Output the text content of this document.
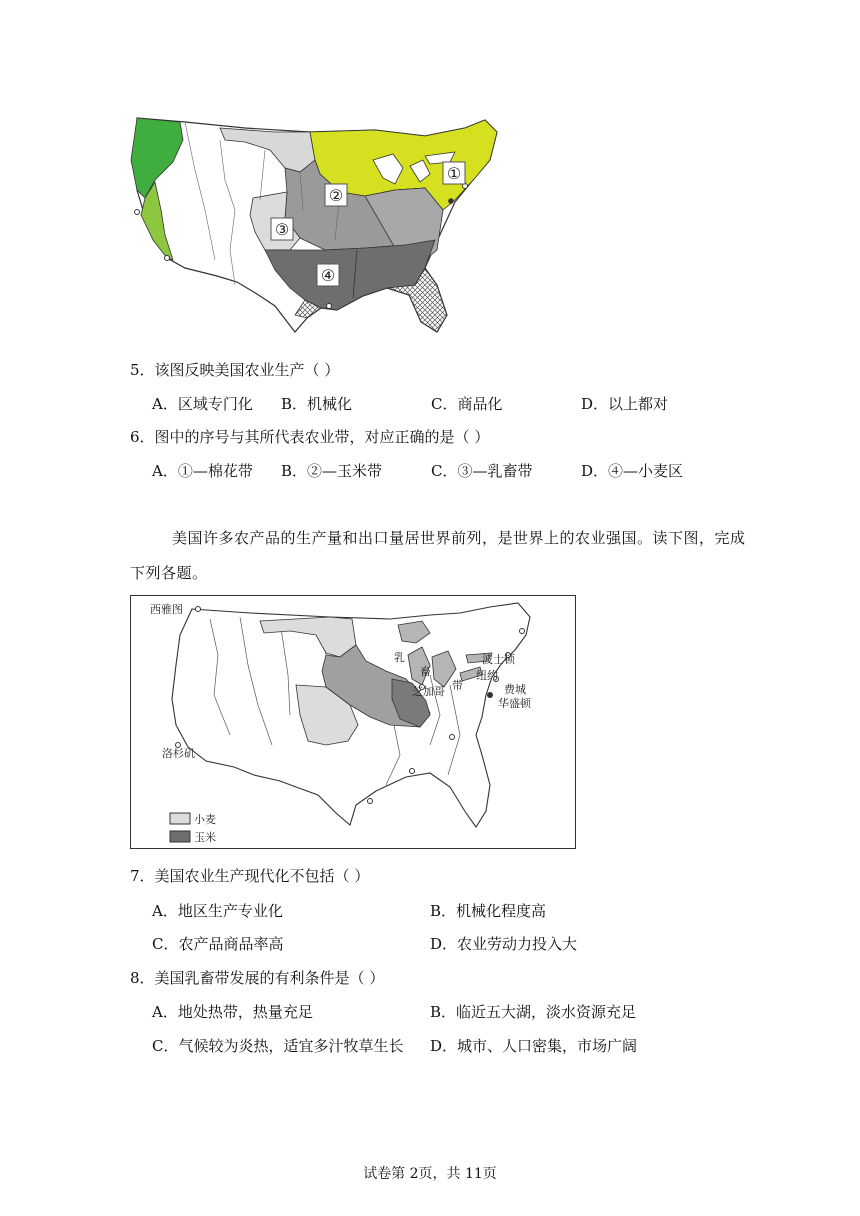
①
②
③
④
5．该图反映美国农业生产（ ）
A．区域专门化 B．机械化	C．商品化	D．以上都对
6．图中的序号与其所代表农业带，对应正确的是（ ）
A．①—棉花带 B．②—玉米带	C．③—乳畜带	D．④—小麦区
美国许多农产品的生产量和出口量居世界前列，是世界上的农业强国。读下图，完成
下列各题。
西雅图
洛杉矶
波士顿
纽约
费城
华盛顿
芝加哥
乳
畜
带
小麦
玉米
7．美国农业生产现代化不包括（ ）
A．地区生产专业化	B．机械化程度高
C．农产品商品率高	D．农业劳动力投入大
8．美国乳畜带发展的有利条件是（ ）
A．地处热带，热量充足	B．临近五大湖，淡水资源充足
C．气候较为炎热，适宜多汁牧草生长 D．城市、人口密集，市场广阔
试卷第 2页，共 11页
